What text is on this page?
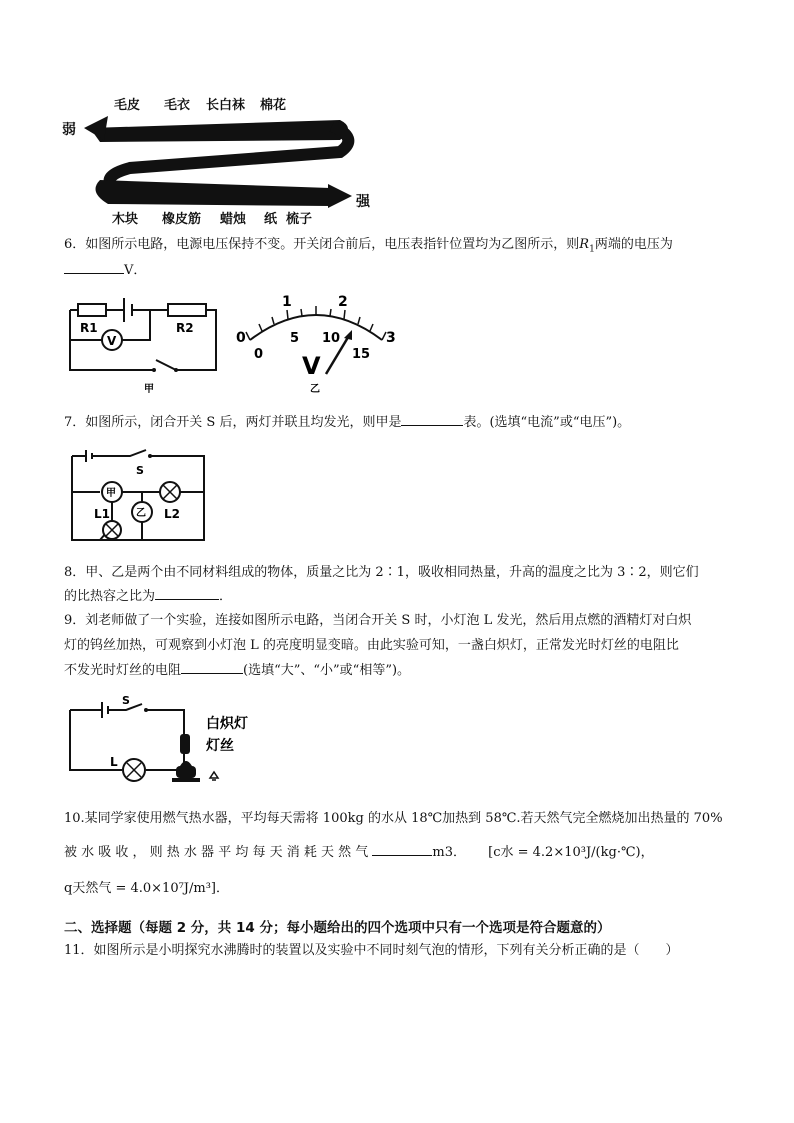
弱
强
毛皮 毛衣 长白袜 棉花
木块 橡皮筋 蜡烛 纸 梳子
6．如图所示电路，电源电压保持不变。开关闭合前后，电压表指针位置均为乙图所示，则$R_1$两端的电压为
V．
R1	R2
V
甲
0
1	2
3
0
5 10
15
V
乙
7．如图所示，闭合开关 S 后，两灯并联且均发光，则甲是	表。(选填“电流”或“电压”)。
S
甲
乙
L1	L2
8．甲、乙是两个由不同材料组成的物体，质量之比为 2∶1，吸收相同热量，升高的温度之比为 3∶2，则它们
的比热容之比为	．
9．刘老师做了一个实验，连接如图所示电路，当闭合开关 S 时，小灯泡 L 发光，然后用点燃的酒精灯对白炽
灯的钨丝加热，可观察到小灯泡 L 的亮度明显变暗。由此实验可知，一盏白炽灯，正常发光时灯丝的电阻比
不发光时灯丝的电阻	(选填“大”、“小”或“相等”)。
S
L
白炽灯
灯丝
10.某同学家使用燃气热水器，平均每天需将 100kg 的水从 18℃加热到 58℃.若天然气完全燃烧加出热量的 70%
被 水 吸 收 ， 则 热 水 器 平 均 每 天 消 耗 天 然 气	m3． [c水 = 4.2×10³J/(kg·℃)，
q天然气 = 4.0×10⁷J/m³]．
二、选择题（每题 2 分，共 14 分；每小题给出的四个选项中只有一个选项是符合题意的）
11．如图所示是小明探究水沸腾时的装置以及实验中不同时刻气泡的情形，下列有关分析正确的是（　　）
